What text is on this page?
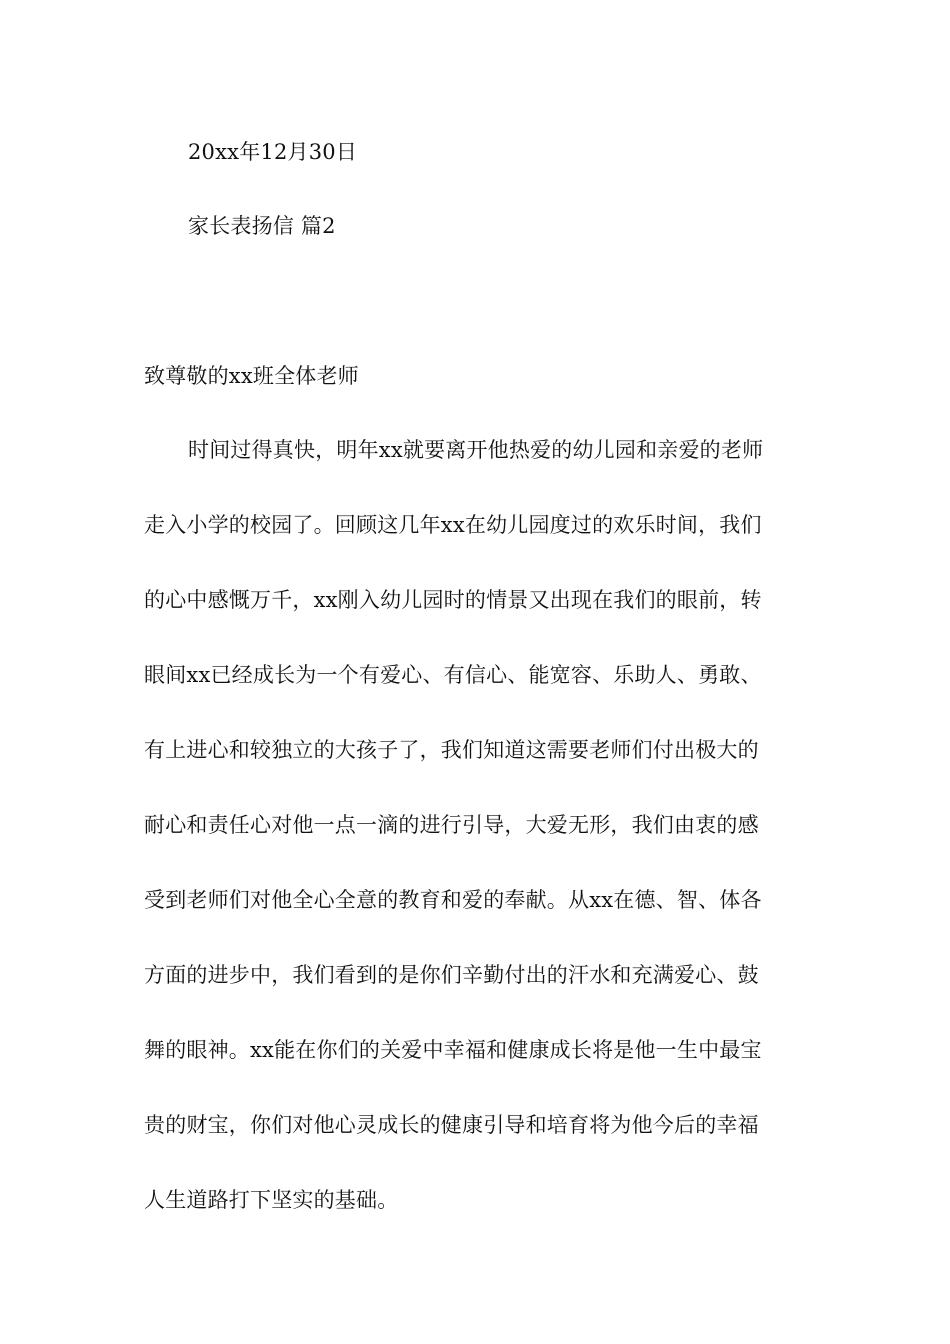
20xx年12月30日
家长表扬信 篇2
致尊敬的xx班全体老师
时间过得真快，明年xx就要离开他热爱的幼儿园和亲爱的老师
走入小学的校园了。回顾这几年xx在幼儿园度过的欢乐时间，我们
的心中感慨万千，xx刚入幼儿园时的情景又出现在我们的眼前，转
眼间xx已经成长为一个有爱心、有信心、能宽容、乐助人、勇敢、
有上进心和较独立的大孩子了，我们知道这需要老师们付出极大的
耐心和责任心对他一点一滴的进行引导，大爱无形，我们由衷的感
受到老师们对他全心全意的教育和爱的奉献。从xx在德、智、体各
方面的进步中，我们看到的是你们辛勤付出的汗水和充满爱心、鼓
舞的眼神。xx能在你们的关爱中幸福和健康成长将是他一生中最宝
贵的财宝，你们对他心灵成长的健康引导和培育将为他今后的幸福
人生道路打下坚实的基础。
